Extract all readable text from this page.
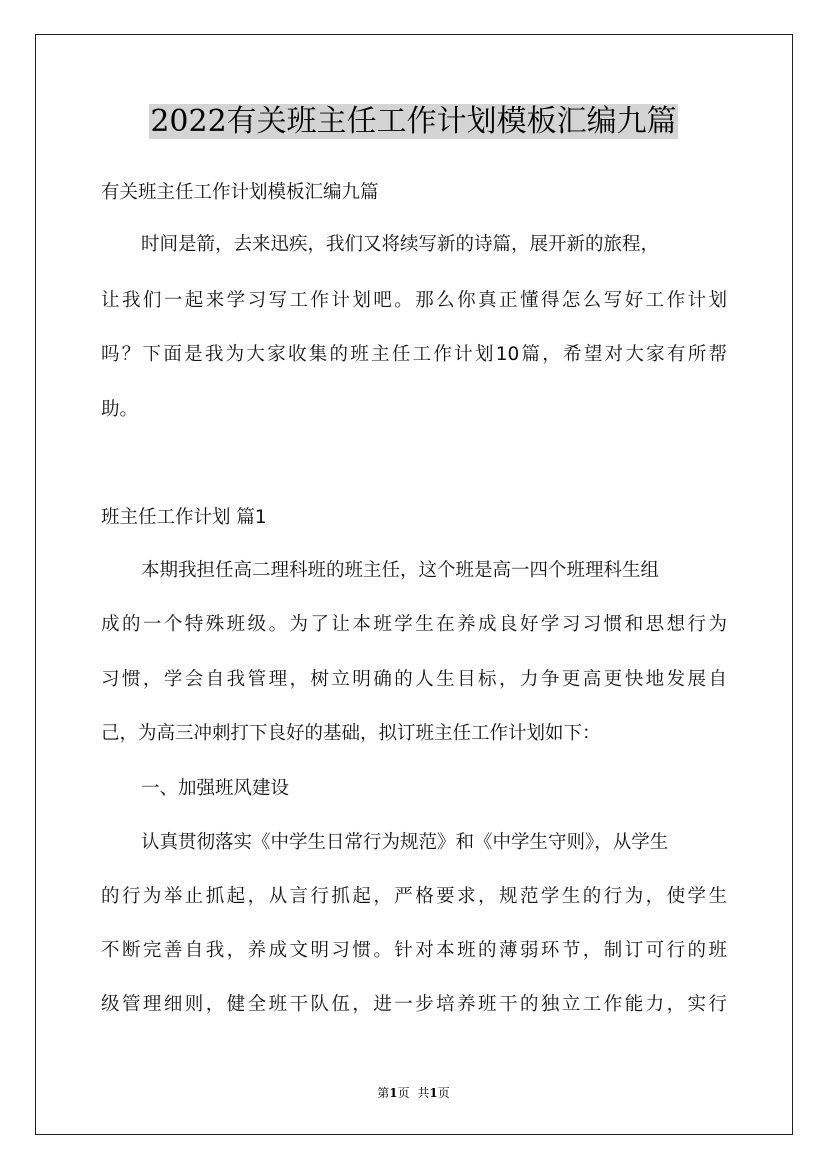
2022有关班主任工作计划模板汇编九篇
有关班主任工作计划模板汇编九篇
时间是箭，去来迅疾，我们又将续写新的诗篇，展开新的旅程，
让我们一起来学习写工作计划吧。那么你真正懂得怎么写好工作计划
吗？下面是我为大家收集的班主任工作计划10篇，希望对大家有所帮
助。
班主任工作计划 篇1
本期我担任高二理科班的班主任，这个班是高一四个班理科生组
成的一个特殊班级。为了让本班学生在养成良好学习习惯和思想行为
习惯，学会自我管理，树立明确的人生目标，力争更高更快地发展自
己，为高三冲刺打下良好的基础，拟订班主任工作计划如下：
一、加强班风建设
认真贯彻落实《中学生日常行为规范》和《中学生守则》，从学生
的行为举止抓起，从言行抓起，严格要求，规范学生的行为，使学生
不断完善自我，养成文明习惯。针对本班的薄弱环节，制订可行的班
级管理细则，健全班干队伍，进一步培养班干的独立工作能力，实行
第1页 共1页
